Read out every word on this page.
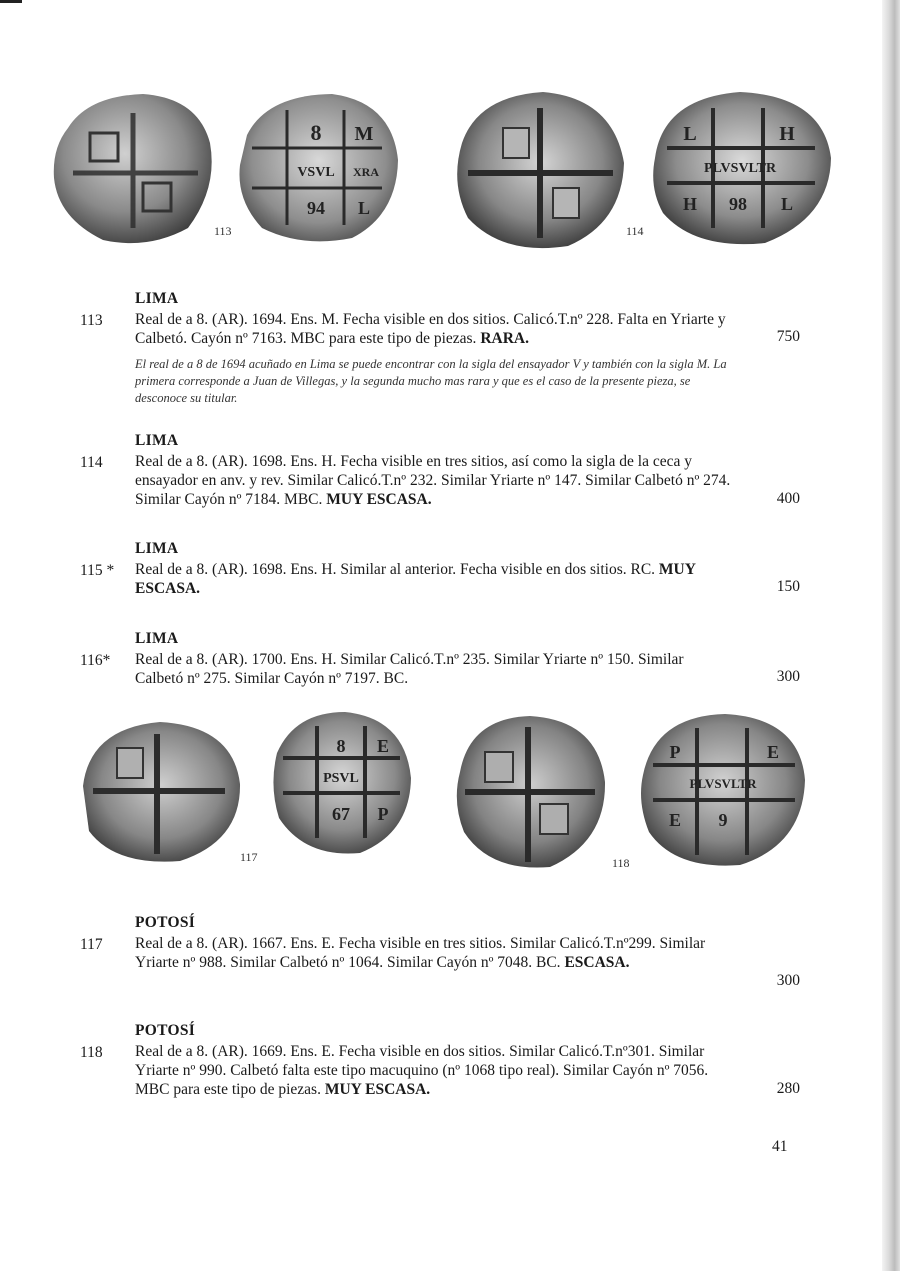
8 M
VSVL XRA
94 L
113
L	H
PLVSVLTR
H 98 L
114
LIMA
113 Real de a 8. (AR). 1694. Ens. M. Fecha visible en dos sitios. Calicó.T.nº 228. Falta en Yriarte y Calbetó. Cayón nº 7163. MBC para este tipo de piezas. RARA.	750
El real de a 8 de 1694 acuñado en Lima se puede encontrar con la sigla del ensayador V y también con la sigla M. La primera corresponde a Juan de Villegas, y la segunda mucho mas rara y que es el caso de la presente pieza, se desconoce su titular.
LIMA
114 Real de a 8. (AR). 1698. Ens. H. Fecha visible en tres sitios, así como la sigla de la ceca y ensayador en anv. y rev. Similar Calicó.T.nº 232. Similar Yriarte nº 147. Similar Calbetó nº 274. Similar Cayón nº 7184. MBC. MUY ESCASA.	400
LIMA
115 * Real de a 8. (AR). 1698. Ens. H. Similar al anterior. Fecha visible en dos sitios. RC. MUY ESCASA.	150
LIMA
116* Real de a 8. (AR). 1700. Ens. H. Similar Calicó.T.nº 235. Similar Yriarte nº 150. Similar Calbetó nº 275. Similar Cayón nº 7197. BC.	300
8 E
PSVL
67 P
117
P	E
PLVSVLTR
E 9
118
POTOSÍ
117 Real de a 8. (AR). 1667. Ens. E. Fecha visible en tres sitios. Similar Calicó.T.nº299. Similar Yriarte nº 988. Similar Calbetó nº 1064. Similar Cayón nº 7048. BC. ESCASA.
300
POTOSÍ
118 Real de a 8. (AR). 1669. Ens. E. Fecha visible en dos sitios. Similar Calicó.T.nº301. Similar Yriarte nº 990. Calbetó falta este tipo macuquino (nº 1068 tipo real). Similar Cayón nº 7056. MBC para este tipo de piezas. MUY ESCASA.	280
41
